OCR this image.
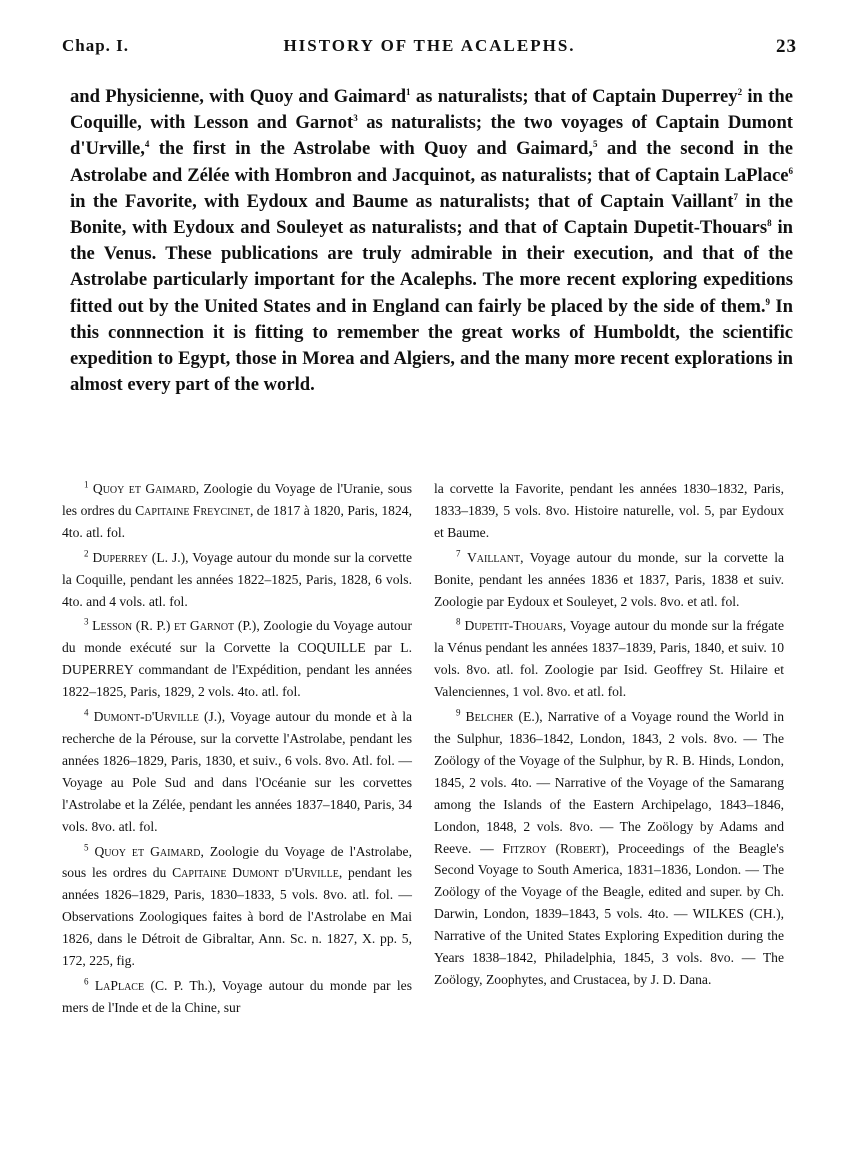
Chap. I.	HISTORY OF THE ACALEPHS.	23

and Physicienne, with Quoy and Gaimard$^1$ as naturalists; that of Captain Duperrey$^2$ in the Coquille, with Lesson and Garnot$^3$ as naturalists; the two voyages of Captain Dumont d'Urville,$^4$ the first in the Astrolabe with Quoy and Gaimard,$^5$ and the second in the Astrolabe and Zélée with Hombron and Jacquinot, as naturalists; that of Captain LaPlace$^6$ in the Favorite, with Eydoux and Baume as naturalists; that of Captain Vaillant$^7$ in the Bonite, with Eydoux and Souleyet as naturalists; and that of Captain Dupetit-Thouars$^8$ in the Venus. These publications are truly admirable in their execution, and that of the Astrolabe particularly important for the Acalephs. The more recent exploring expeditions fitted out by the United States and in England can fairly be placed by the side of them.$^9$ In this connnection it is fitting to remember the great works of Humboldt, the scientific expedition to Egypt, those in Morea and Algiers, and the many more recent explorations in almost every part of the world.

$^1$ Quoy et Gaimard, Zoologie du Voyage de l'Uranie, sous les ordres du Capitaine Freycinet, de 1817 à 1820, Paris, 1824, 4to. atl. fol.

$^2$ Duperrey (L. J.), Voyage autour du monde sur la corvette la Coquille, pendant les années 1822–1825, Paris, 1828, 6 vols. 4to. and 4 vols. atl. fol.

$^3$ Lesson (R. P.) et Garnot (P.), Zoologie du Voyage autour du monde exécuté sur la Corvette la COQUILLE par L. DUPERREY commandant de l'Expédition, pendant les années 1822–1825, Paris, 1829, 2 vols. 4to. atl. fol.

$^4$ Dumont-d'Urville (J.), Voyage autour du monde et à la recherche de la Pérouse, sur la corvette l'Astrolabe, pendant les années 1826–1829, Paris, 1830, et suiv., 6 vols. 8vo. Atl. fol. — Voyage au Pole Sud and dans l'Océanie sur les corvettes l'Astrolabe et la Zélée, pendant les années 1837–1840, Paris, 34 vols. 8vo. atl. fol.

$^5$ Quoy et Gaimard, Zoologie du Voyage de l'Astrolabe, sous les ordres du Capitaine Dumont d'Urville, pendant les années 1826–1829, Paris, 1830–1833, 5 vols. 8vo. atl. fol. — Observations Zoologiques faites à bord de l'Astrolabe en Mai 1826, dans le Détroit de Gibraltar, Ann. Sc. n. 1827, X. pp. 5, 172, 225, fig.

$^6$ LaPlace (C. P. Th.), Voyage autour du monde par les mers de l'Inde et de la Chine, sur

la corvette la Favorite, pendant les années 1830–1832, Paris, 1833–1839, 5 vols. 8vo. Histoire naturelle, vol. 5, par Eydoux et Baume.

$^7$ Vaillant, Voyage autour du monde, sur la corvette la Bonite, pendant les années 1836 et 1837, Paris, 1838 et suiv. Zoologie par Eydoux et Souleyet, 2 vols. 8vo. et atl. fol.

$^8$ Dupetit-Thouars, Voyage autour du monde sur la frégate la Vénus pendant les années 1837–1839, Paris, 1840, et suiv. 10 vols. 8vo. atl. fol. Zoologie par Isid. Geoffrey St. Hilaire et Valenciennes, 1 vol. 8vo. et atl. fol.

$^9$ Belcher (E.), Narrative of a Voyage round the World in the Sulphur, 1836–1842, London, 1843, 2 vols. 8vo. — The Zoölogy of the Voyage of the Sulphur, by R. B. Hinds, London, 1845, 2 vols. 4to. — Narrative of the Voyage of the Samarang among the Islands of the Eastern Archipelago, 1843–1846, London, 1848, 2 vols. 8vo. — The Zoölogy by Adams and Reeve. — Fitzroy (Robert), Proceedings of the Beagle's Second Voyage to South America, 1831–1836, London. — The Zoölogy of the Voyage of the Beagle, edited and super. by Ch. Darwin, London, 1839–1843, 5 vols. 4to. — WILKES (CH.), Narrative of the United States Exploring Expedition during the Years 1838–1842, Philadelphia, 1845, 3 vols. 8vo. — The Zoölogy, Zoophytes, and Crustacea, by J. D. Dana.
